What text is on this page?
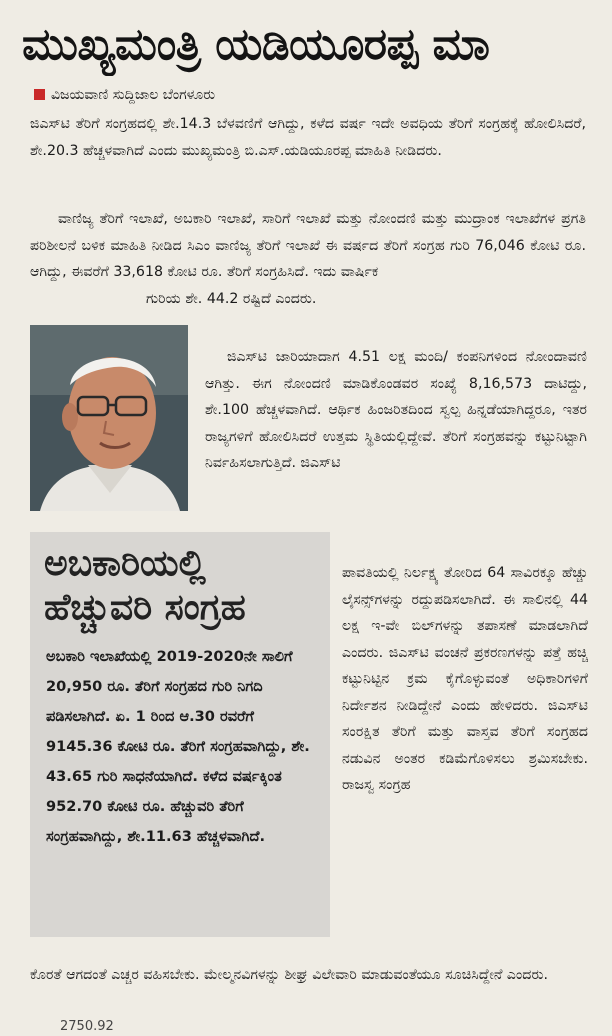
ಮುಖ್ಯಮಂತ್ರಿ ಯಡಿಯೂರಪ್ಪ ಮಾ
ವಿಜಯವಾಣಿ ಸುದ್ದಿಜಾಲ ಬೆಂಗಳೂರು

ಜಿಎಸ್‌ಟಿ ತೆರಿಗೆ ಸಂಗ್ರಹದಲ್ಲಿ ಶೇ.14.3 ಬೆಳವಣಿಗೆ ಆಗಿದ್ದು, ಕಳೆದ ವರ್ಷ ಇದೇ ಅವಧಿಯ ತೆರಿಗೆ ಸಂಗ್ರಹಕ್ಕೆ ಹೋಲಿಸಿದರೆ, ಶೇ.20.3 ಹೆಚ್ಚಳವಾಗಿದೆ ಎಂದು ಮುಖ್ಯಮಂತ್ರಿ ಬಿ.ಎಸ್.ಯಡಿಯೂರಪ್ಪ ಮಾಹಿತಿ ನೀಡಿದರು.

ವಾಣಿಜ್ಯ ತೆರಿಗೆ ಇಲಾಖೆ, ಅಬಕಾರಿ ಇಲಾಖೆ, ಸಾರಿಗೆ ಇಲಾಖೆ ಮತ್ತು ನೋಂದಣಿ ಮತ್ತು ಮುದ್ರಾಂಕ ಇಲಾಖೆಗಳ ಪ್ರಗತಿ ಪರಿಶೀಲನೆ ಬಳಿಕ ಮಾಹಿತಿ ನೀಡಿದ ಸಿಎಂ ವಾಣಿಜ್ಯ ತೆರಿಗೆ ಇಲಾಖೆ ಈ ವರ್ಷದ ತೆರಿಗೆ ಸಂಗ್ರಹ ಗುರಿ 76,046 ಕೋಟಿ ರೂ. ಆಗಿದ್ದು, ಈವರೆಗೆ 33,618 ಕೋಟಿ ರೂ. ತೆರಿಗೆ ಸಂಗ್ರಹಿಸಿದೆ. ಇದು ವಾರ್ಷಿಕ
ಗುರಿಯ ಶೇ. 44.2 ರಷ್ಟಿದೆ ಎಂದರು.

ಜಿಎಸ್‌ಟಿ ಜಾರಿಯಾದಾಗ 4.51 ಲಕ್ಷ ಮಂದಿ/ ಕಂಪನಿಗಳಿಂದ ನೋಂದಾವಣಿ ಆಗಿತ್ತು. ಈಗ ನೋಂದಣಿ ಮಾಡಿಕೊಂಡವರ ಸಂಖ್ಯೆ 8,16,573 ದಾಟಿದ್ದು, ಶೇ.100 ಹೆಚ್ಚಳವಾಗಿದೆ. ಆರ್ಥಿಕ ಹಿಂಜರಿತದಿಂದ ಸ್ವಲ್ಪ ಹಿನ್ನಡೆಯಾಗಿದ್ದರೂ, ಇತರ ರಾಜ್ಯಗಳಿಗೆ ಹೋಲಿಸಿದರೆ ಉತ್ತಮ ಸ್ಥಿತಿಯಲ್ಲಿದ್ದೇವೆ. ತೆರಿಗೆ ಸಂಗ್ರಹವನ್ನು ಕಟ್ಟುನಿಟ್ಟಾಗಿ ನಿರ್ವಹಿಸಲಾಗುತ್ತಿದೆ. ಜಿಎಸ್‌ಟಿ

ಅಬಕಾರಿಯಲ್ಲಿ
ಹೆಚ್ಚುವರಿ ಸಂಗ್ರಹ

ಅಬಕಾರಿ ಇಲಾಖೆಯಲ್ಲಿ 2019-2020ನೇ ಸಾಲಿಗೆ 20,950 ರೂ. ತೆರಿಗೆ ಸಂಗ್ರಹದ ಗುರಿ ನಿಗದಿ ಪಡಿಸಲಾಗಿದೆ. ಏ. 1 ರಿಂದ ಆ.30 ರವರೆಗೆ 9145.36 ಕೋಟಿ ರೂ. ತೆರಿಗೆ ಸಂಗ್ರಹವಾಗಿದ್ದು, ಶೇ. 43.65 ಗುರಿ ಸಾಧನೆಯಾಗಿದೆ. ಕಳೆದ ವರ್ಷಕ್ಕಿಂತ 952.70 ಕೋಟಿ ರೂ. ಹೆಚ್ಚುವರಿ ತೆರಿಗೆ ಸಂಗ್ರಹವಾಗಿದ್ದು, ಶೇ.11.63 ಹೆಚ್ಚಳವಾಗಿದೆ.

ಪಾವತಿಯಲ್ಲಿ ನಿರ್ಲಕ್ಷ್ಯ ತೋರಿದ 64 ಸಾವಿರಕ್ಕೂ ಹೆಚ್ಚು ಲೈಸನ್ಸ್‌ಗಳನ್ನು ರದ್ದುಪಡಿಸಲಾಗಿದೆ. ಈ ಸಾಲಿನಲ್ಲಿ 44 ಲಕ್ಷ ಇ-ವೇ ಬಿಲ್‌ಗಳನ್ನು ತಪಾಸಣೆ ಮಾಡಲಾಗಿದೆ ಎಂದರು. ಜಿಎಸ್‌ಟಿ ವಂಚನೆ ಪ್ರಕರಣಗಳನ್ನು ಪತ್ತೆ ಹಚ್ಚಿ ಕಟ್ಟುನಿಟ್ಟಿನ ಕ್ರಮ ಕೈಗೊಳ್ಳುವಂತೆ ಅಧಿಕಾರಿಗಳಿಗೆ ನಿರ್ದೇಶನ ನೀಡಿದ್ದೇನೆ ಎಂದು ಹೇಳಿದರು. ಜಿಎಸ್‌ಟಿ ಸಂರಕ್ಷಿತ ತೆರಿಗೆ ಮತ್ತು ವಾಸ್ತವ ತೆರಿಗೆ ಸಂಗ್ರಹದ ನಡುವಿನ ಅಂತರ ಕಡಿಮೆಗೊಳಿಸಲು ಶ್ರಮಿಸಬೇಕು. ರಾಜಸ್ವ ಸಂಗ್ರಹ

ಕೊರತೆ ಆಗದಂತೆ ಎಚ್ಚರ ವಹಿಸಬೇಕು. ಮೇಲ್ಮನವಿಗಳನ್ನು ಶೀಘ್ರ ವಿಲೇವಾರಿ ಮಾಡುವಂತೆಯೂ ಸೂಚಿಸಿದ್ದೇನೆ ಎಂದರು.

2750.92
